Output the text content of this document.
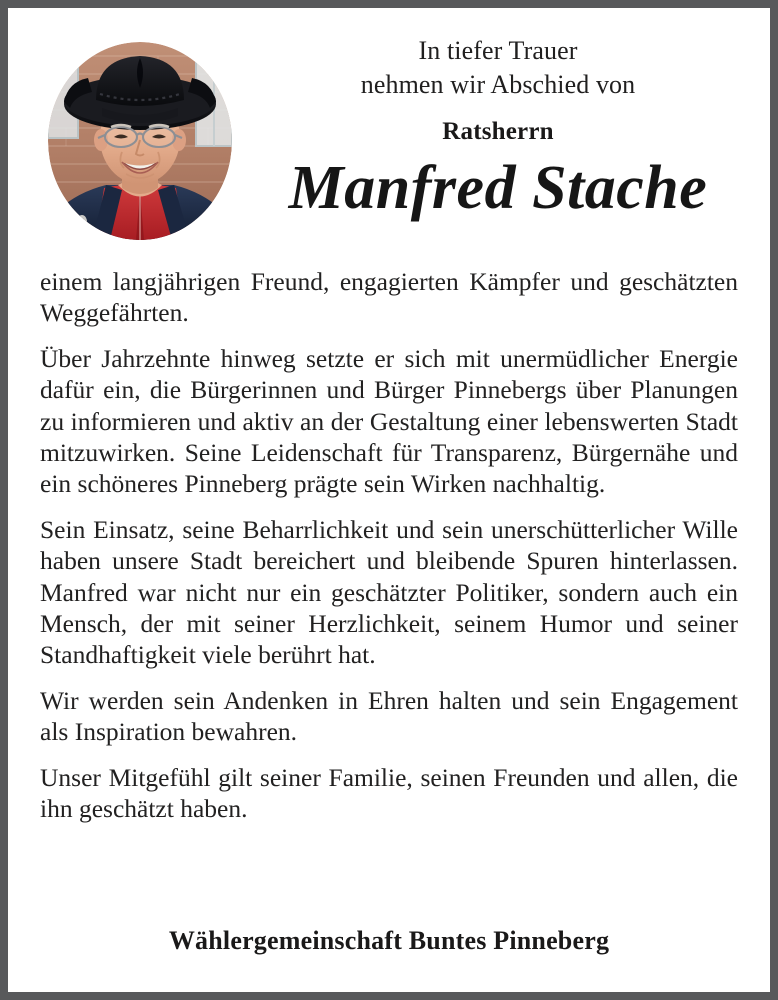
In tiefer Trauer
nehmen wir Abschied von
Ratsherrn
Manfred Stache

einem langjährigen Freund, engagierten Kämpfer und geschätzten Weggefährten.

Über Jahrzehnte hinweg setzte er sich mit unermüdlicher Energie dafür ein, die Bürgerinnen und Bürger Pinnebergs über Planungen zu informieren und aktiv an der Gestaltung einer lebenswerten Stadt mitzuwirken. Seine Leidenschaft für Transparenz, Bürgernähe und ein schöneres Pinneberg prägte sein Wirken nachhaltig.

Sein Einsatz, seine Beharrlichkeit und sein unerschütterlicher Wille haben unsere Stadt bereichert und bleibende Spuren hinterlassen. Manfred war nicht nur ein geschätzter Politiker, sondern auch ein Mensch, der mit seiner Herzlichkeit, seinem Humor und seiner Standhaftigkeit viele berührt hat.

Wir werden sein Andenken in Ehren halten und sein Engagement als Inspiration bewahren.

Unser Mitgefühl gilt seiner Familie, seinen Freunden und allen, die ihn geschätzt haben.

Wählergemeinschaft Buntes Pinneberg
